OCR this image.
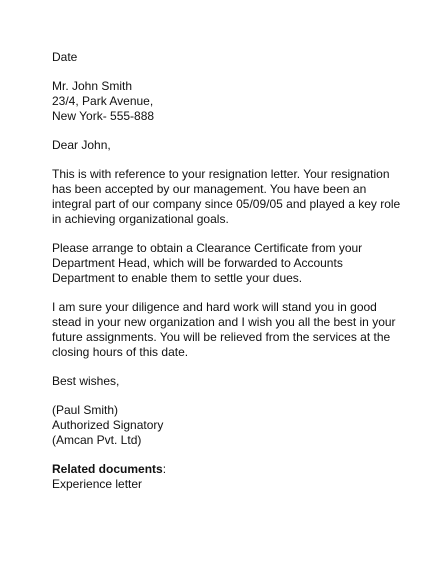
Date
Mr. John Smith
23/4, Park Avenue,
New York- 555-888
Dear John,
This is with reference to your resignation letter. Your resignation
has been accepted by our management. You have been an
integral part of our company since 05/09/05 and played a key role
in achieving organizational goals.
Please arrange to obtain a Clearance Certificate from your
Department Head, which will be forwarded to Accounts
Department to enable them to settle your dues.
I am sure your diligence and hard work will stand you in good
stead in your new organization and I wish you all the best in your
future assignments. You will be relieved from the services at the
closing hours of this date.
Best wishes,
(Paul Smith)
Authorized Signatory
(Amcan Pvt. Ltd)
Related documents:
Experience letter
